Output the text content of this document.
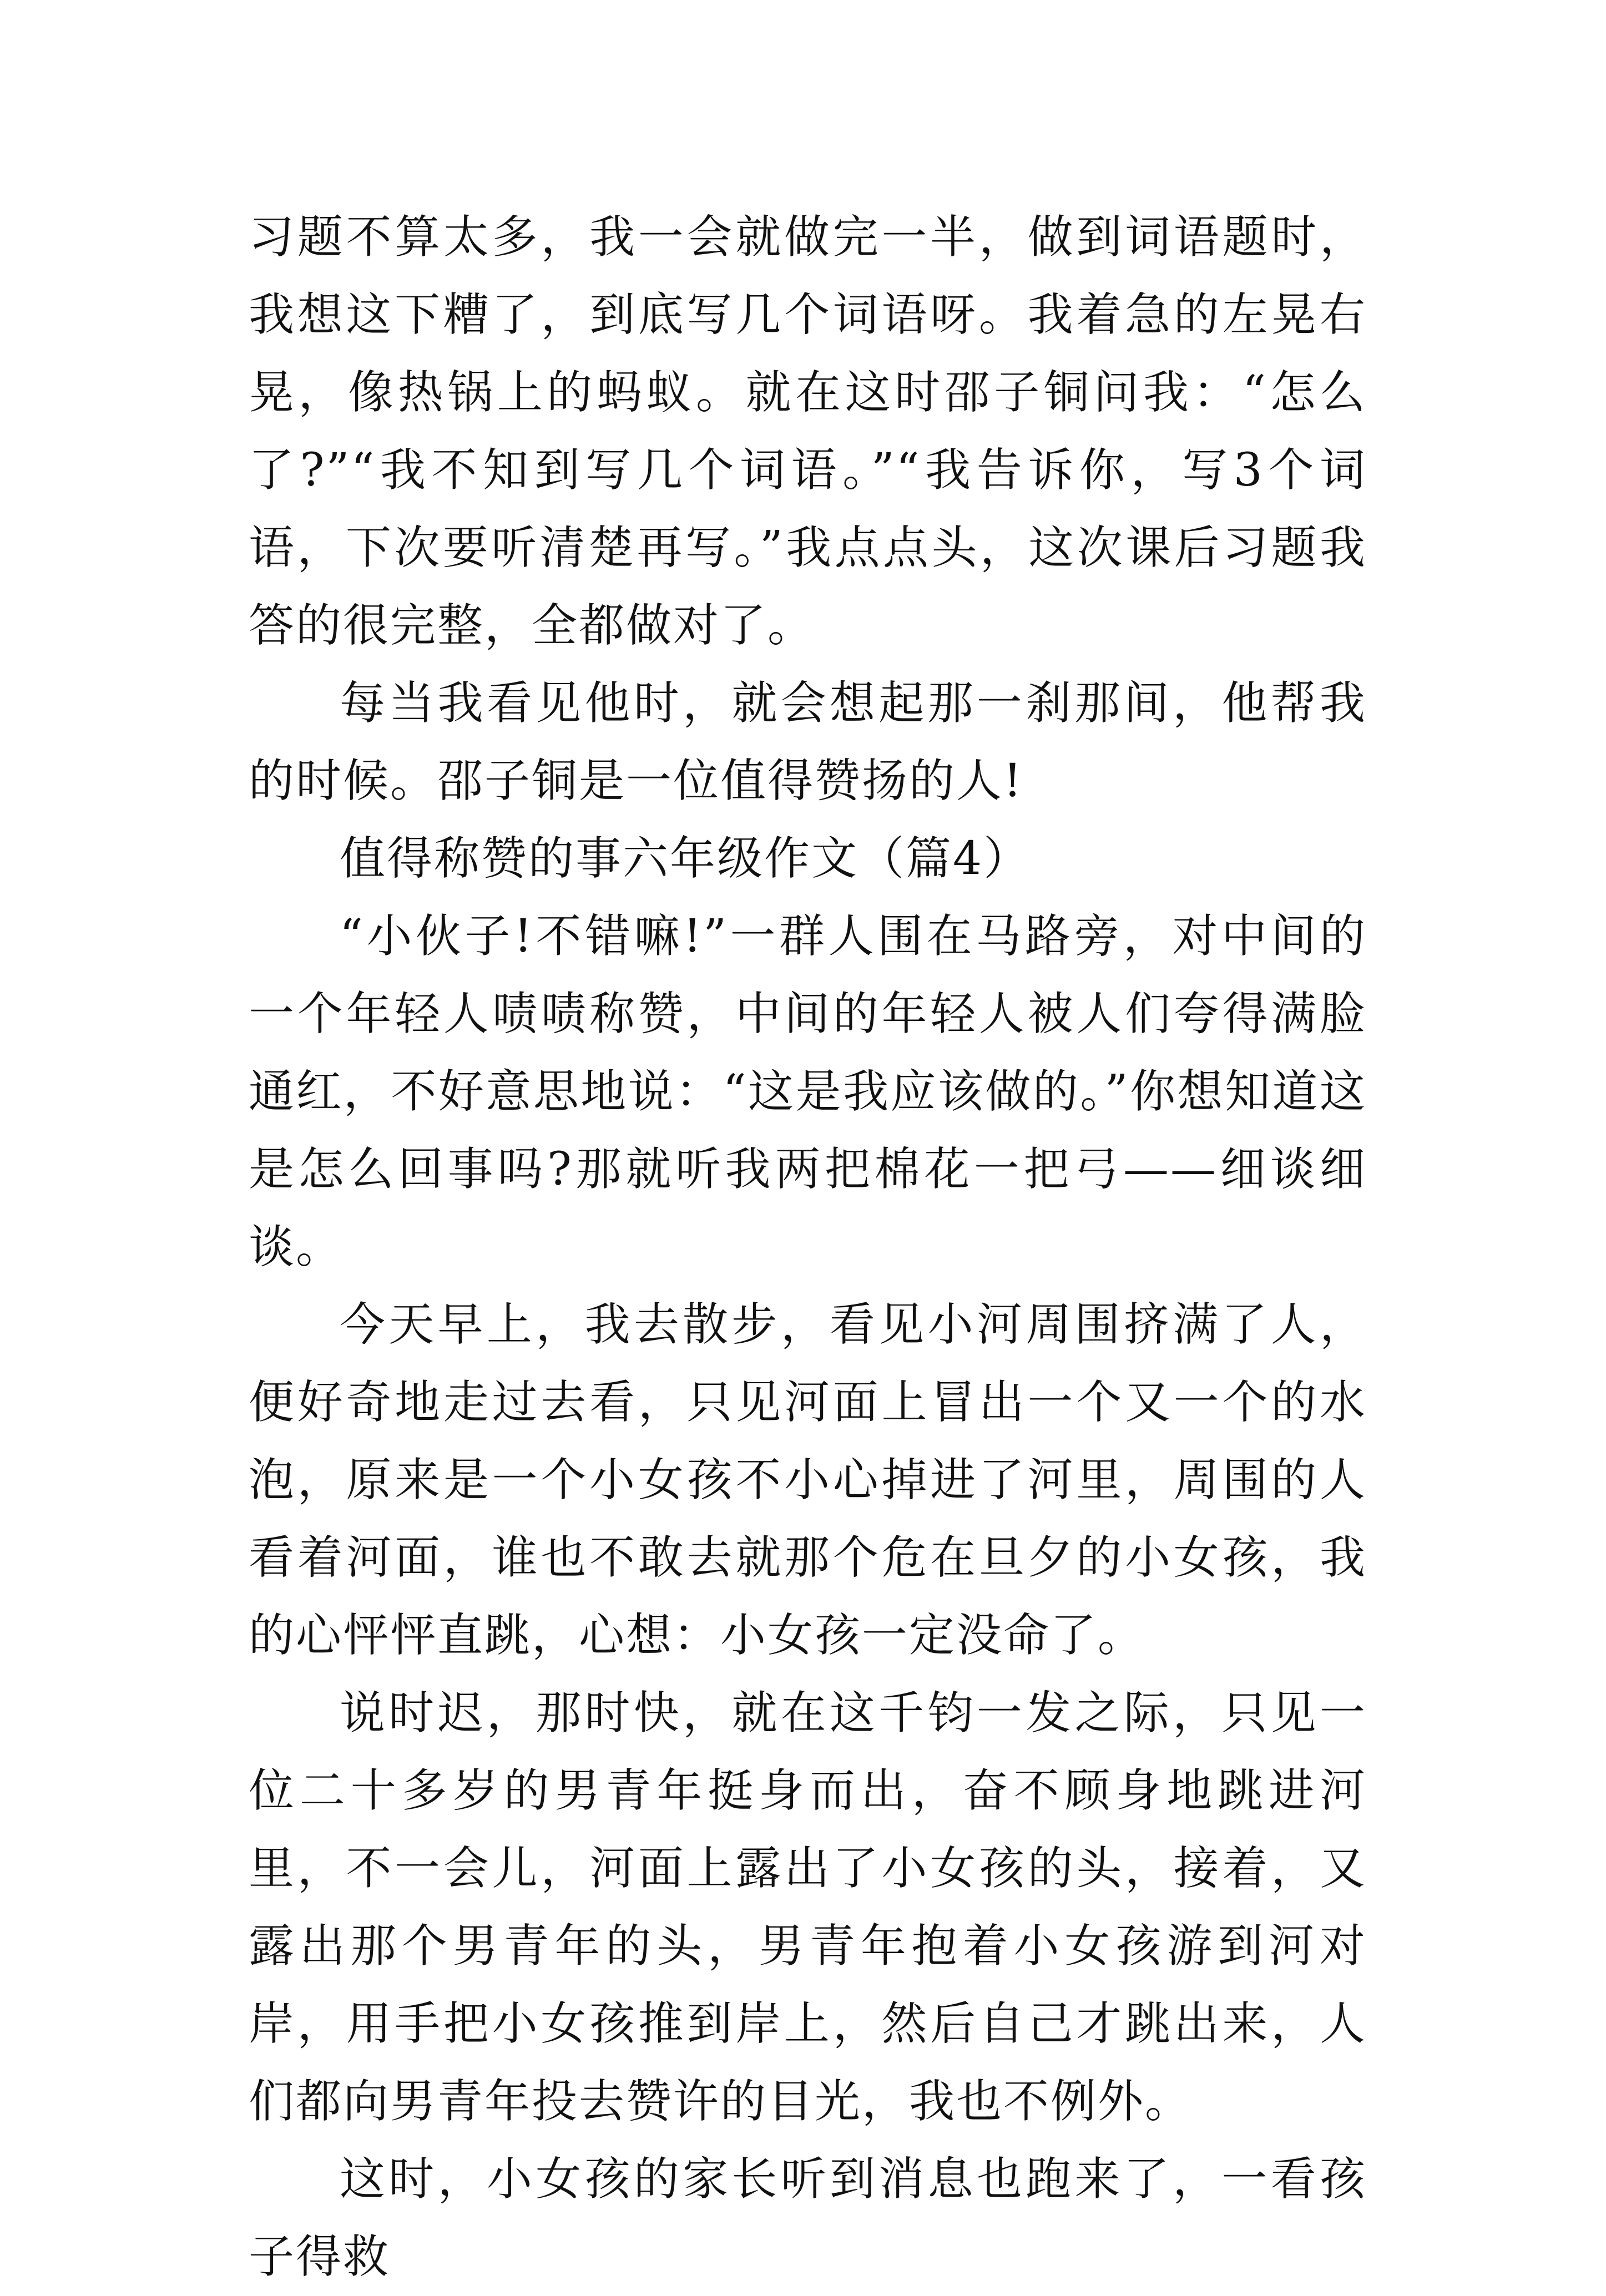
习题不算太多，我一会就做完一半，做到词语题时，我想这下糟了，到底写几个词语呀。我着急的左晃右晃，像热锅上的蚂蚁。就在这时邵子铜问我：“怎么了?”“我不知到写几个词语。”“我告诉你，写3个词语，下次要听清楚再写。”我点点头，这次课后习题我答的很完整，全都做对了。

每当我看见他时，就会想起那一刹那间，他帮我的时候。邵子铜是一位值得赞扬的人!

值得称赞的事六年级作文（篇4）

“小伙子!不错嘛!”一群人围在马路旁，对中间的一个年轻人啧啧称赞，中间的年轻人被人们夸得满脸通红，不好意思地说：“这是我应该做的。”你想知道这是怎么回事吗?那就听我两把棉花一把弓——细谈细谈。

今天早上，我去散步，看见小河周围挤满了人，便好奇地走过去看，只见河面上冒出一个又一个的水泡，原来是一个小女孩不小心掉进了河里，周围的人看着河面，谁也不敢去就那个危在旦夕的小女孩，我的心怦怦直跳，心想：小女孩一定没命了。

说时迟，那时快，就在这千钧一发之际，只见一位二十多岁的男青年挺身而出，奋不顾身地跳进河里，不一会儿，河面上露出了小女孩的头，接着，又露出那个男青年的头，男青年抱着小女孩游到河对岸，用手把小女孩推到岸上，然后自己才跳出来，人们都向男青年投去赞许的目光，我也不例外。

这时，小女孩的家长听到消息也跑来了，一看孩子得救
